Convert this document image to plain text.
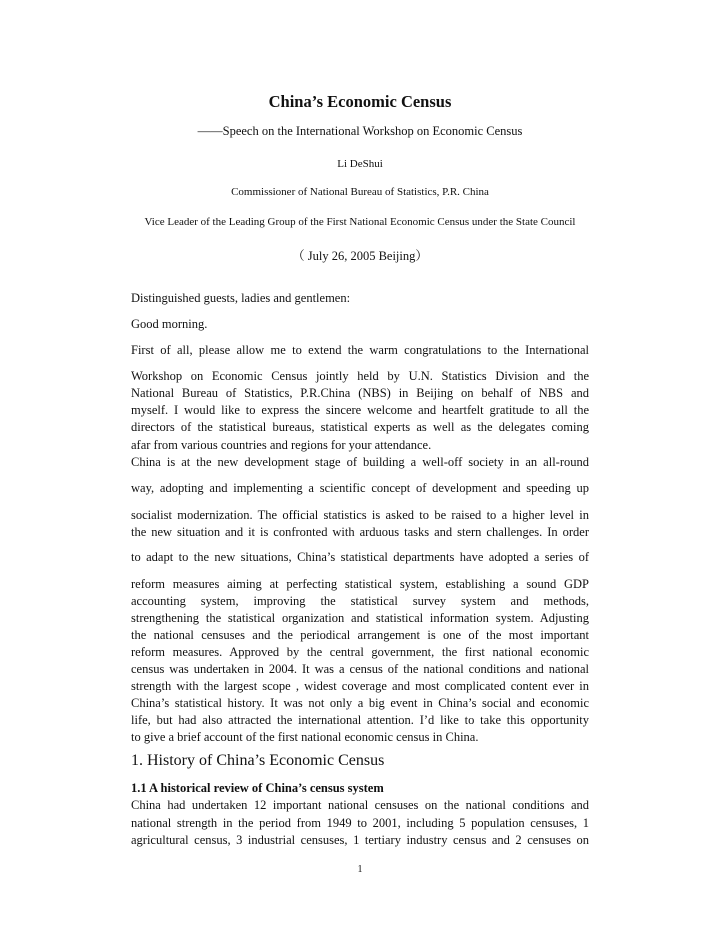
China’s Economic Census
——Speech on the International Workshop on Economic Census
Li DeShui
Commissioner of National Bureau of Statistics, P.R. China
Vice Leader of the Leading Group of the First National Economic Census under the State Council
（ July 26, 2005 Beijing）
Distinguished guests, ladies and gentlemen:
Good morning.
First of all, please allow me to extend the warm congratulations to the International
Workshop on Economic Census jointly held by U.N. Statistics Division and the
National Bureau of Statistics, P.R.China (NBS) in Beijing on behalf of NBS and
myself. I would like to express the sincere welcome and heartfelt gratitude to all the
directors of the statistical bureaus, statistical experts as well as the delegates coming
afar from various countries and regions for your attendance.
China is at the new development stage of building a well-off society in an all-round
way, adopting and implementing a scientific concept of development and speeding up
socialist modernization. The official statistics is asked to be raised to a higher level in
the new situation and it is confronted with arduous tasks and stern challenges. In order
to adapt to the new situations, China’s statistical departments have adopted a series of
reform measures aiming at perfecting statistical system, establishing a sound GDP
accounting system, improving the statistical survey system and methods,
strengthening the statistical organization and statistical information system. Adjusting
the national censuses and the periodical arrangement is one of the most important
reform measures. Approved by the central government, the first national economic
census was undertaken in 2004. It was a census of the national conditions and national
strength with the largest scope , widest coverage and most complicated content ever in
China’s statistical history. It was not only a big event in China’s social and economic
life, but had also attracted the international attention. I’d like to take this opportunity
to give a brief account of the first national economic census in China.
1. History of China’s Economic Census
1.1 A historical review of China’s census system
China had undertaken 12 important national censuses on the national conditions and
national strength in the period from 1949 to 2001, including 5 population censuses, 1
agricultural census, 3 industrial censuses, 1 tertiary industry census and 2 censuses on
1
